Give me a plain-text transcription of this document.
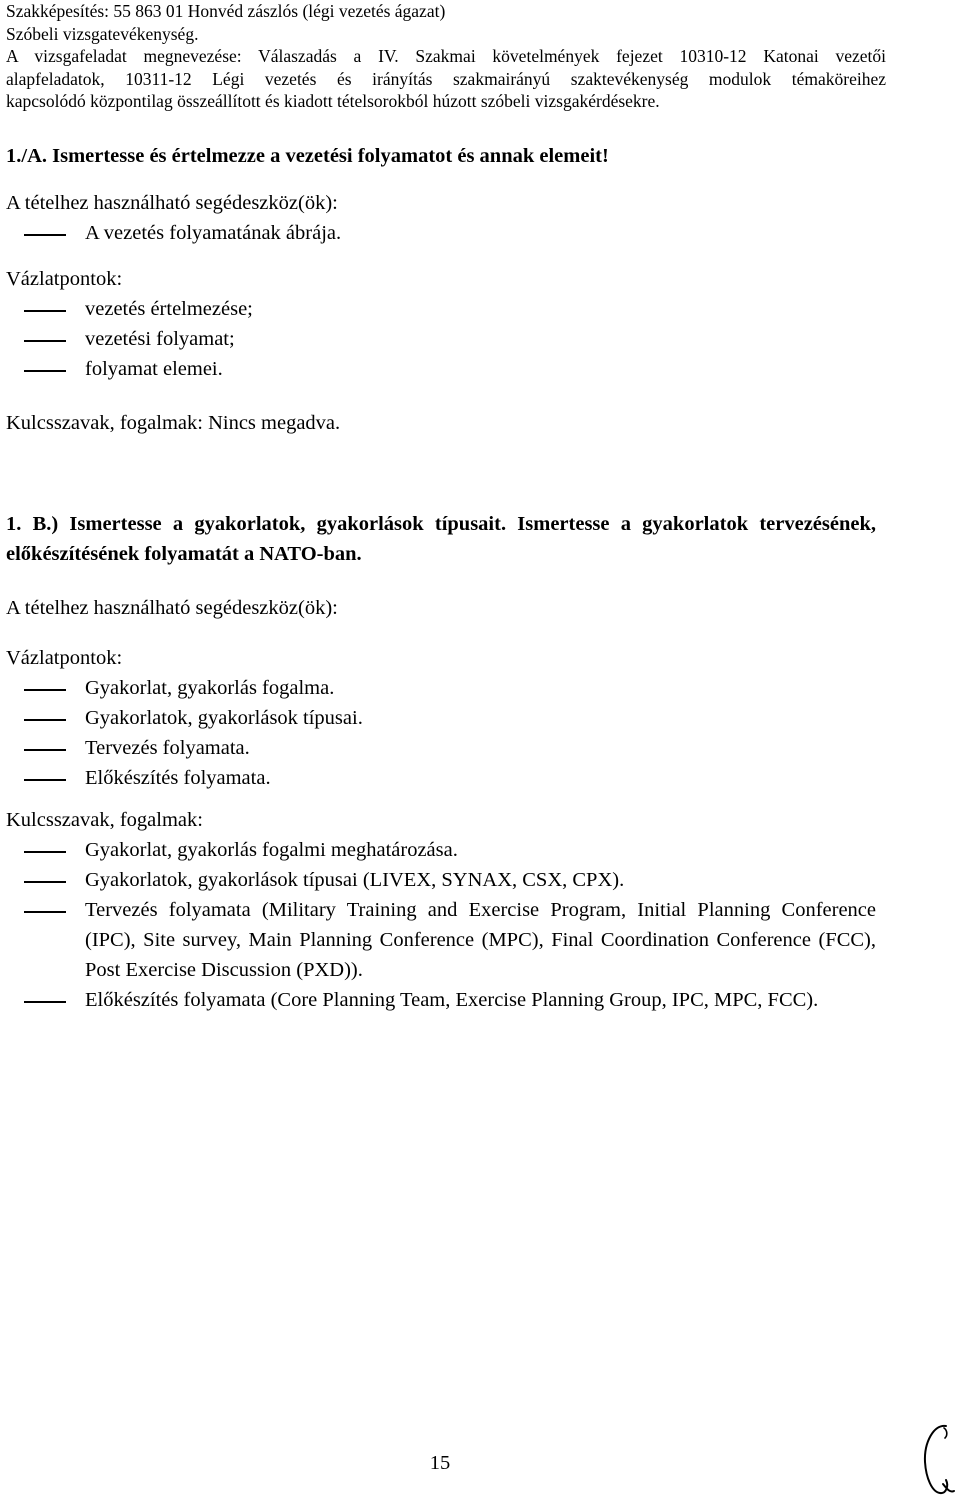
Szakképesítés: 55 863 01 Honvéd zászlós (légi vezetés ágazat)
Szóbeli vizsgatevékenység.
A vizsgafeladat megnevezése: Válaszadás a IV. Szakmai követelmények fejezet 10310-12 Katonai vezetői
alapfeladatok, 10311-12 Légi vezetés és irányítás szakmairányú szaktevékenység modulok témaköreihez
kapcsolódó központilag összeállított és kiadott tételsorokból húzott szóbeli vizsgakérdésekre.
1./A. Ismertesse és értelmezze a vezetési folyamatot és annak elemeit!
A tételhez használható segédeszköz(ök):
A vezetés folyamatának ábrája.
Vázlatpontok:
vezetés értelmezése;
vezetési folyamat;
folyamat elemei.
Kulcsszavak, fogalmak: Nincs megadva.
1. B.) Ismertesse a gyakorlatok, gyakorlások típusait. Ismertesse a gyakorlatok tervezésének, előkészítésének folyamatát a NATO-ban.
A tételhez használható segédeszköz(ök):
Vázlatpontok:
Gyakorlat, gyakorlás fogalma.
Gyakorlatok, gyakorlások típusai.
Tervezés folyamata.
Előkészítés folyamata.
Kulcsszavak, fogalmak:
Gyakorlat, gyakorlás fogalmi meghatározása.
Gyakorlatok, gyakorlások típusai (LIVEX, SYNAX, CSX, CPX).
Tervezés folyamata (Military Training and Exercise Program, Initial Planning Conference (IPC), Site survey, Main Planning Conference (MPC), Final Coordination Conference (FCC), Post Exercise Discussion (PXD)).
Előkészítés folyamata (Core Planning Team, Exercise Planning Group, IPC, MPC, FCC).
15
